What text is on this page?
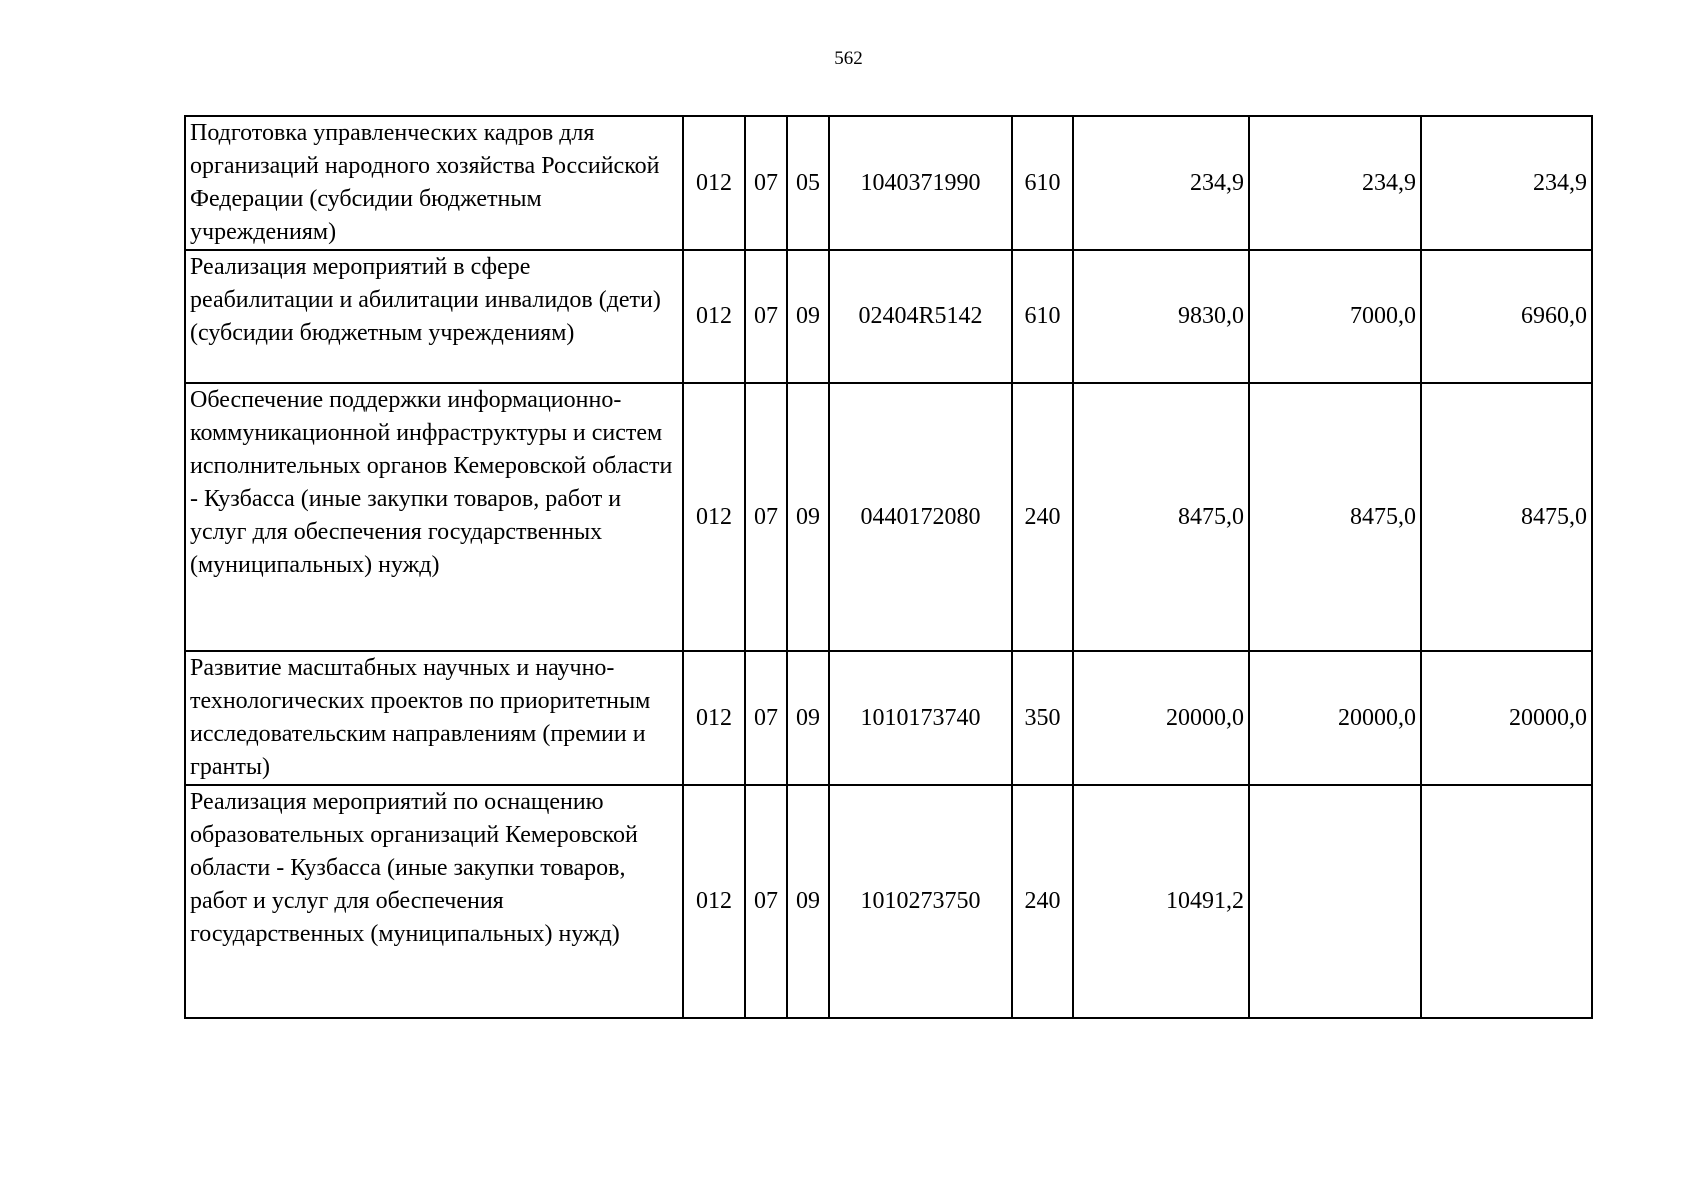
562
Подготовка управленческих кадров для организаций народного хозяйства Российской Федерации (субсидии бюджетным учреждениям)	012	07	05	1040371990	610	234,9	234,9	234,9
Реализация мероприятий в сфере реабилитации и абилитации инвалидов (дети) (субсидии бюджетным учреждениям)	012	07	09	02404R5142	610	9830,0	7000,0	6960,0
Обеспечение поддержки информационно-коммуникационной инфраструктуры и систем исполнительных органов Кемеровской области - Кузбасса (иные закупки товаров, работ и услуг для обеспечения государственных (муниципальных) нужд)	012	07	09	0440172080	240	8475,0	8475,0	8475,0
Развитие масштабных научных и научно-технологических проектов по приоритетным исследовательским направлениям (премии и гранты)	012	07	09	1010173740	350	20000,0	20000,0	20000,0
Реализация мероприятий по оснащению образовательных организаций Кемеровской области - Кузбасса (иные закупки товаров, работ и услуг для обеспечения государственных (муниципальных) нужд)	012	07	09	1010273750	240	10491,2		
